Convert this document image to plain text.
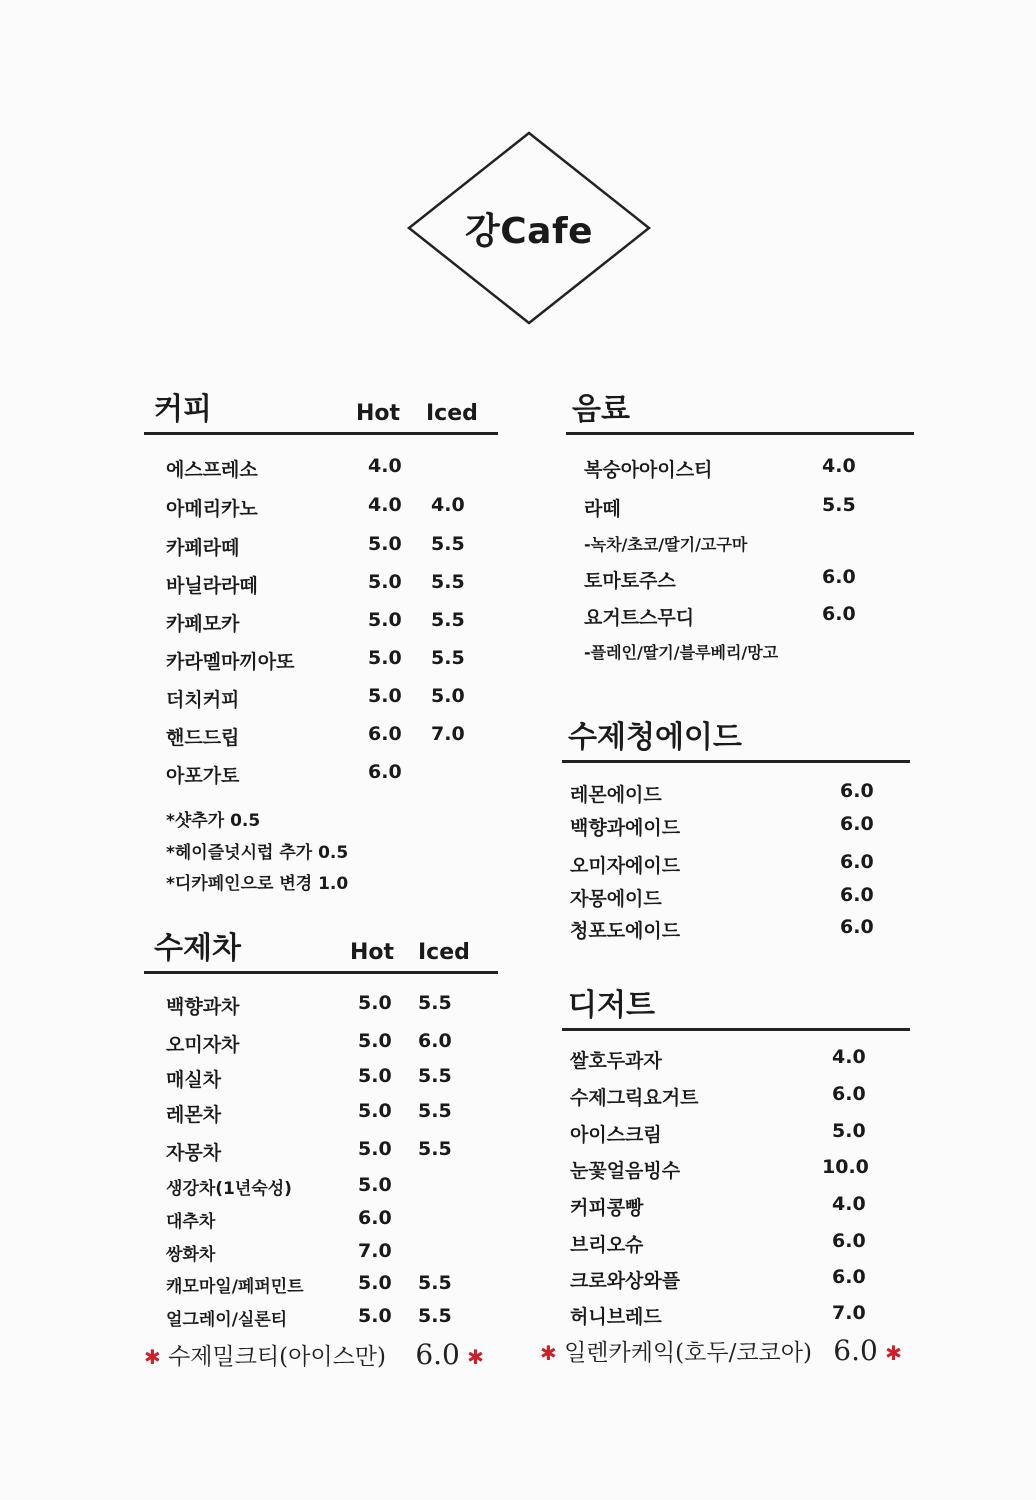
강Cafe
커피	Hot Iced
에스프레소	4.0
아메리카노	4.0 4.0
카페라떼	5.0 5.5
바닐라라떼	5.0 5.5
카페모카	5.0 5.5
카라멜마끼아또	5.0 5.5
더치커피	5.0 5.0
핸드드립	6.0 7.0
아포가토	6.0
수제차	Hot Iced
백향과차	5.0 5.5
오미자차	5.0 6.0
매실차	5.0 5.5
레몬차	5.0 5.5
자몽차	5.0 5.5
생강차(1년숙성)	5.0
대추차	6.0
쌍화차	7.0
캐모마일/페퍼민트	5.0 5.5
얼그레이/실론티	5.0 5.5
음료
복숭아아이스티	4.0
라떼	5.5
-녹차/초코/딸기/고구마
토마토주스	6.0
요거트스무디	6.0
-플레인/딸기/블루베리/망고
수제청에이드
레몬에이드	6.0
백향과에이드	6.0
오미자에이드	6.0
자몽에이드	6.0
청포도에이드	6.0
디저트
쌀호두과자	4.0
수제그릭요거트	6.0
아이스크림	5.0
눈꽃얼음빙수	10.0
커피콩빵	4.0
브리오슈	6.0
크로와상와플	6.0
허니브레드	7.0
✱ 수제밀크티(아이스만) 6.0 ✱	✱ 일렌카케익(호두/코코아) 6.0 ✱
*샷추가 0.5
*헤이즐넛시럽 추가 0.5
*디카페인으로 변경 1.0
